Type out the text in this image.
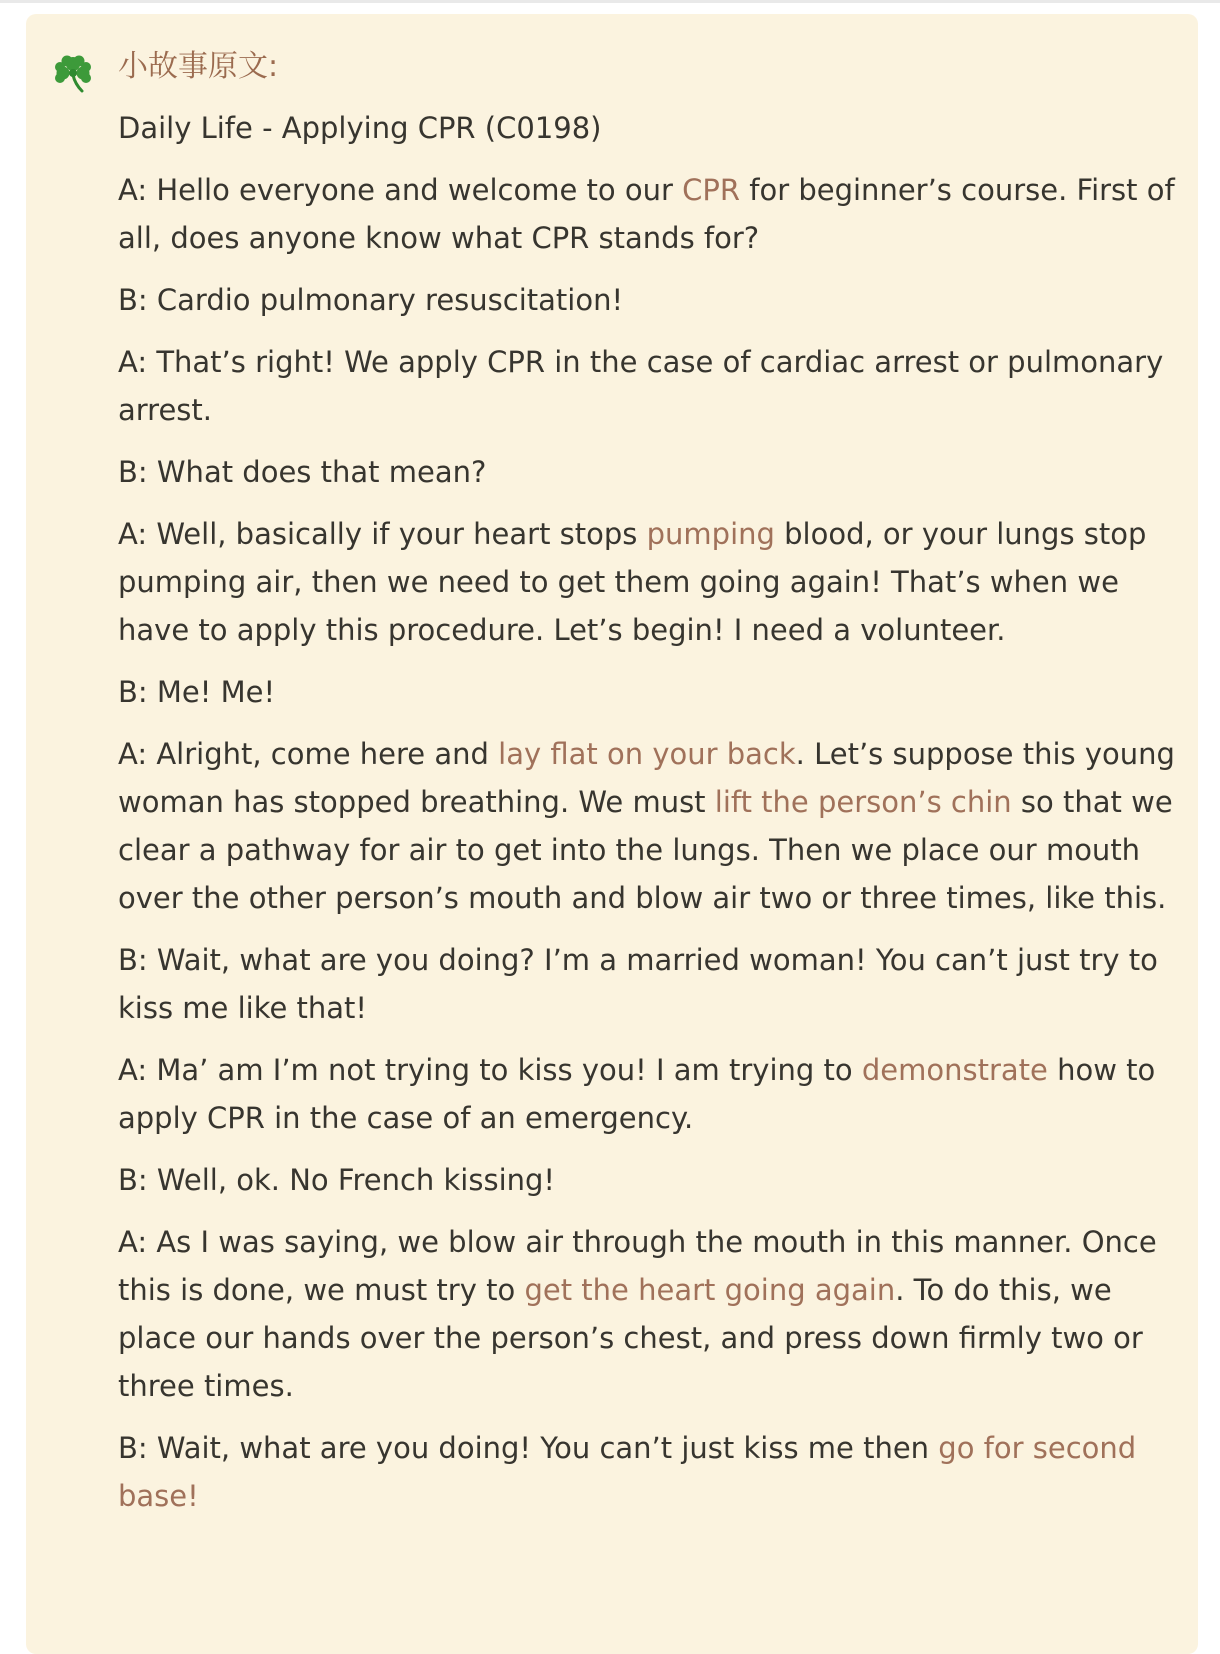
小故事原文:
Daily Life - Applying CPR (C0198)
A: Hello everyone and welcome to our CPR for beginner’s course. First of all, does anyone know what CPR stands for?
B: Cardio pulmonary resuscitation!
A: That’s right! We apply CPR in the case of cardiac arrest or pulmonary arrest.
B: What does that mean?
A: Well, basically if your heart stops pumping blood, or your lungs stop pumping air, then we need to get them going again! That’s when we have to apply this procedure. Let’s begin! I need a volunteer.
B: Me! Me!
A: Alright, come here and lay flat on your back. Let’s suppose this young woman has stopped breathing. We must lift the person’s chin so that we clear a pathway for air to get into the lungs. Then we place our mouth over the other person’s mouth and blow air two or three times, like this.
B: Wait, what are you doing? I’m a married woman! You can’t just try to kiss me like that!
A: Ma’ am I’m not trying to kiss you! I am trying to demonstrate how to apply CPR in the case of an emergency.
B: Well, ok. No French kissing!
A: As I was saying, we blow air through the mouth in this manner. Once this is done, we must try to get the heart going again. To do this, we place our hands over the person’s chest, and press down firmly two or three times.
B: Wait, what are you doing! You can’t just kiss me then go for second base!
